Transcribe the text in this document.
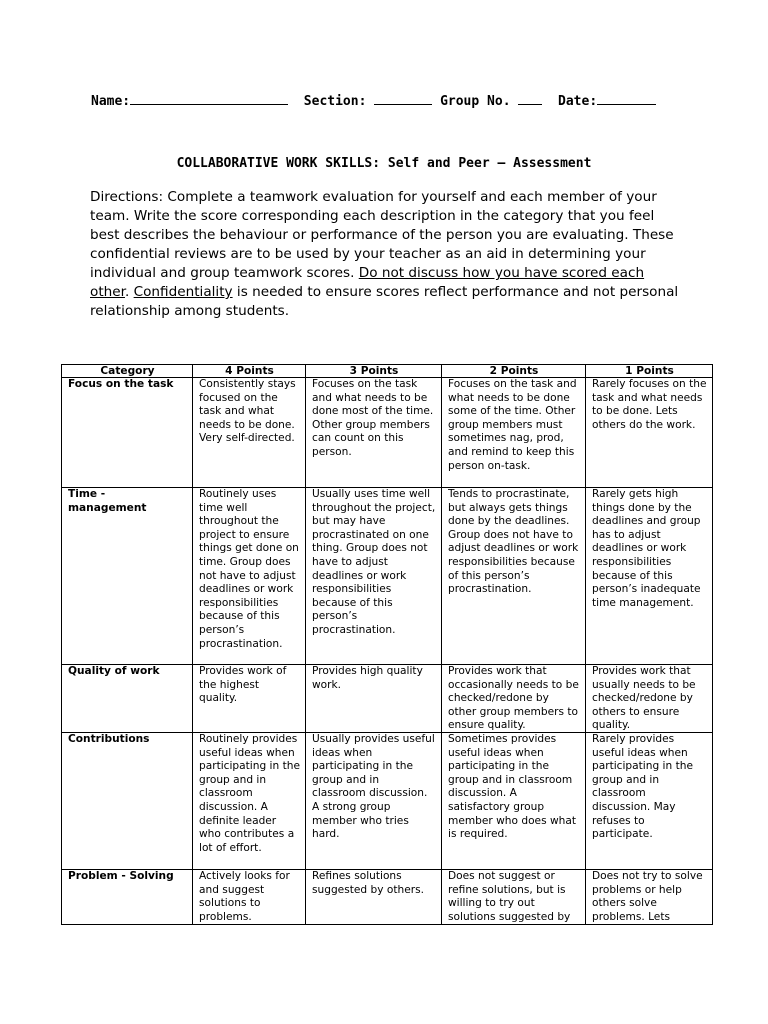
Name:	Section:	Group No.	Date:
COLLABORATIVE WORK SKILLS: Self and Peer – Assessment

Directions: Complete a teamwork evaluation for yourself and each member of your team. Write the score corresponding each description in the category that you feel best describes the behaviour or performance of the person you are evaluating. These confidential reviews are to be used by your teacher as an aid in determining your individual and group teamwork scores. Do not discuss how you have scored each other. Confidentiality is needed to ensure scores reflect performance and not personal relationship among students.

Category	4 Points	3 Points	2 Points	1 Points

Focus on the task	Consistently stays focused on the task and what needs to be done. Very self-directed.	Focuses on the task and what needs to be done most of the time. Other group members can count on this person.	Focuses on the task and what needs to be done some of the time. Other group members must sometimes nag, prod, and remind to keep this person on-task.	Rarely focuses on the task and what needs to be done. Lets others do the work.

Time - management	Routinely uses time well throughout the project to ensure things get done on time. Group does not have to adjust deadlines or work responsibilities because of this person’s procrastination.	Usually uses time well throughout the project, but may have procrastinated on one thing. Group does not have to adjust deadlines or work responsibilities because of this person’s procrastination.	Tends to procrastinate, but always gets things done by the deadlines. Group does not have to adjust deadlines or work responsibilities because of this person’s procrastination.	Rarely gets high things done by the deadlines and group has to adjust deadlines or work responsibilities because of this person’s inadequate time management.

Quality of work	Provides work of the highest quality.	Provides high quality work.	Provides work that occasionally needs to be checked/redone by other group members to ensure quality.	Provides work that usually needs to be checked/redone by others to ensure quality.

Contributions	Routinely provides useful ideas when participating in the group and in classroom discussion. A definite leader who contributes a lot of effort.	Usually provides useful ideas when participating in the group and in classroom discussion. A strong group member who tries hard.	Sometimes provides useful ideas when participating in the group and in classroom discussion. A satisfactory group member who does what is required.	Rarely provides useful ideas when participating in the group and in classroom discussion. May refuses to participate.

Problem - Solving	Actively looks for and suggest solutions to problems.	Refines solutions suggested by others.	Does not suggest or refine solutions, but is willing to try out solutions suggested by	Does not try to solve problems or help others solve problems. Lets
